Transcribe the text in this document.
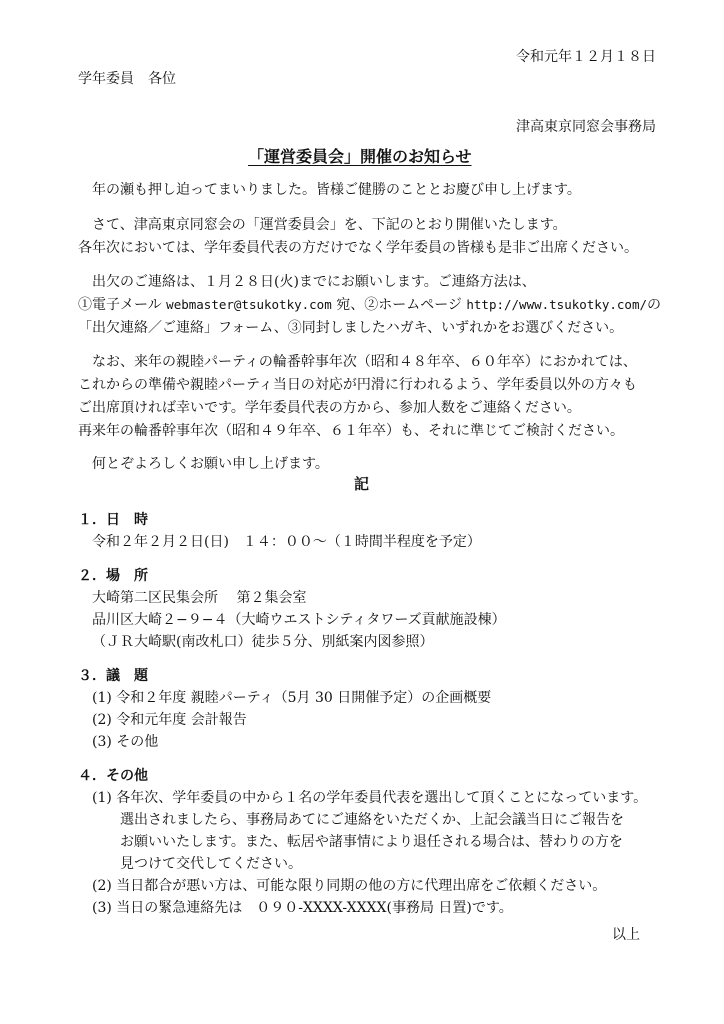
令和元年１２月１８日
学年委員　各位
津高東京同窓会事務局
「運営委員会」開催のお知らせ
年の瀬も押し迫ってまいりました。皆様ご健勝のこととお慶び申し上げます。
さて、津高東京同窓会の「運営委員会」を、下記のとおり開催いたします。
各年次においては、学年委員代表の方だけでなく学年委員の皆様も是非ご出席ください。
出欠のご連絡は、１月２８日(火)までにお願いします。ご連絡方法は、
①電子メール webmaster@tsukotky.com 宛、②ホームページ http://www.tsukotky.com/の
「出欠連絡／ご連絡」フォーム、③同封しましたハガキ、いずれかをお選びください。
なお、来年の親睦パーティの輪番幹事年次（昭和４８年卒、６０年卒）におかれては、
これからの準備や親睦パーティ当日の対応が円滑に行われるよう、学年委員以外の方々も
ご出席頂ければ幸いです。学年委員代表の方から、参加人数をご連絡ください。
再来年の輪番幹事年次（昭和４９年卒、６１年卒）も、それに準じてご検討ください。
何とぞよろしくお願い申し上げます。
記
１．日　時
令和２年２月２日(日)　１４：００～（１時間半程度を予定）
２．場　所
大崎第二区民集会所　 第２集会室
品川区大崎２−９−４（大崎ウエストシティタワーズ貢献施設棟）
（ＪＲ大崎駅(南改札口）徒歩５分、別紙案内図参照）
３．議　題
(1) 令和２年度 親睦パーティ（5月 30 日開催予定）の企画概要
(2) 令和元年度 会計報告
(3) その他
４．その他
(1) 各年次、学年委員の中から１名の学年委員代表を選出して頂くことになっています。
選出されましたら、事務局あてにご連絡をいただくか、上記会議当日にご報告を
お願いいたします。また、転居や諸事情により退任される場合は、替わりの方を
見つけて交代してください。
(2) 当日都合が悪い方は、可能な限り同期の他の方に代理出席をご依頼ください。
(3) 当日の緊急連絡先は　０９０-XXXX-XXXX(事務局 日置)です。
以上
